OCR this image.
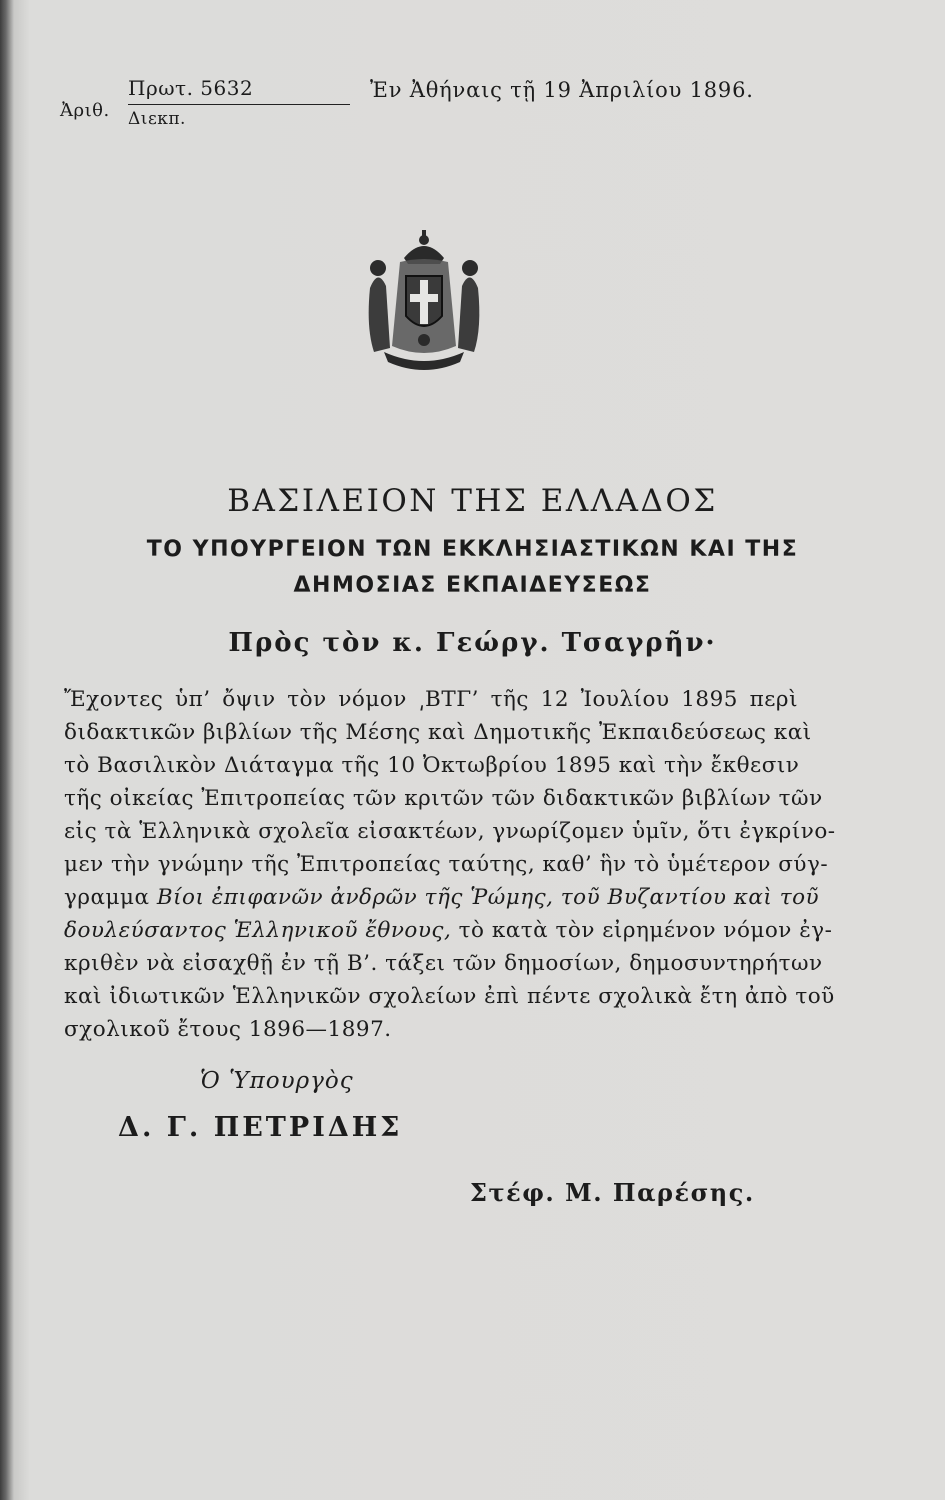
Ἀριθ.
Πρωτ. 5632
Διεκπ.
Ἐν Ἀθήναις τῇ 19 Ἀπριλίου 1896.
ΒΑΣΙΛΕΙΟΝ ΤΗΣ ΕΛΛΑΔΟΣ
ΤΟ ΥΠΟΥΡΓΕΙΟΝ ΤΩΝ ΕΚΚΛΗΣΙΑΣΤΙΚΩΝ ΚΑΙ ΤΗΣ
ΔΗΜΟΣΙΑΣ ΕΚΠΑΙΔΕΥΣΕΩΣ
Πρὸς τὸν κ. Γεώργ. Τσαγρῆν·
Ἔχοντες ὑπ’ ὄψιν τὸν νόμον ͵ΒΤΓ’ τῆς 12 Ἰουλίου 1895 περὶ
διδακτικῶν βιβλίων τῆς Μέσης καὶ Δημοτικῆς Ἐκπαιδεύσεως καὶ
τὸ Βασιλικὸν Διάταγμα τῆς 10 Ὀκτωβρίου 1895 καὶ τὴν ἔκθεσιν
τῆς οἰκείας Ἐπιτροπείας τῶν κριτῶν τῶν διδακτικῶν βιβλίων τῶν
εἰς τὰ Ἑλληνικὰ σχολεῖα εἰσακτέων, γνωρίζομεν ὑμῖν, ὅτι ἐγκρίνο-
μεν τὴν γνώμην τῆς Ἐπιτροπείας ταύτης, καθ’ ἣν τὸ ὑμέτερον σύγ-
γραμμα Βίοι ἐπιφανῶν ἀνδρῶν τῆς Ῥώμης, τοῦ Βυζαντίου καὶ τοῦ
δουλεύσαντος Ἑλληνικοῦ ἔθνους, τὸ κατὰ τὸν εἰρημένον νόμον ἐγ-
κριθὲν νὰ εἰσαχθῇ ἐν τῇ Β’. τάξει τῶν δημοσίων, δημοσυντηρήτων
καὶ ἰδιωτικῶν Ἑλληνικῶν σχολείων ἐπὶ πέντε σχολικὰ ἔτη ἀπὸ τοῦ
σχολικοῦ ἔτους 1896—1897.
Ὁ Ὑπουργὸς
Δ. Γ. ΠΕΤΡΙΔΗΣ
Στέφ. Μ. Παρέσης.
